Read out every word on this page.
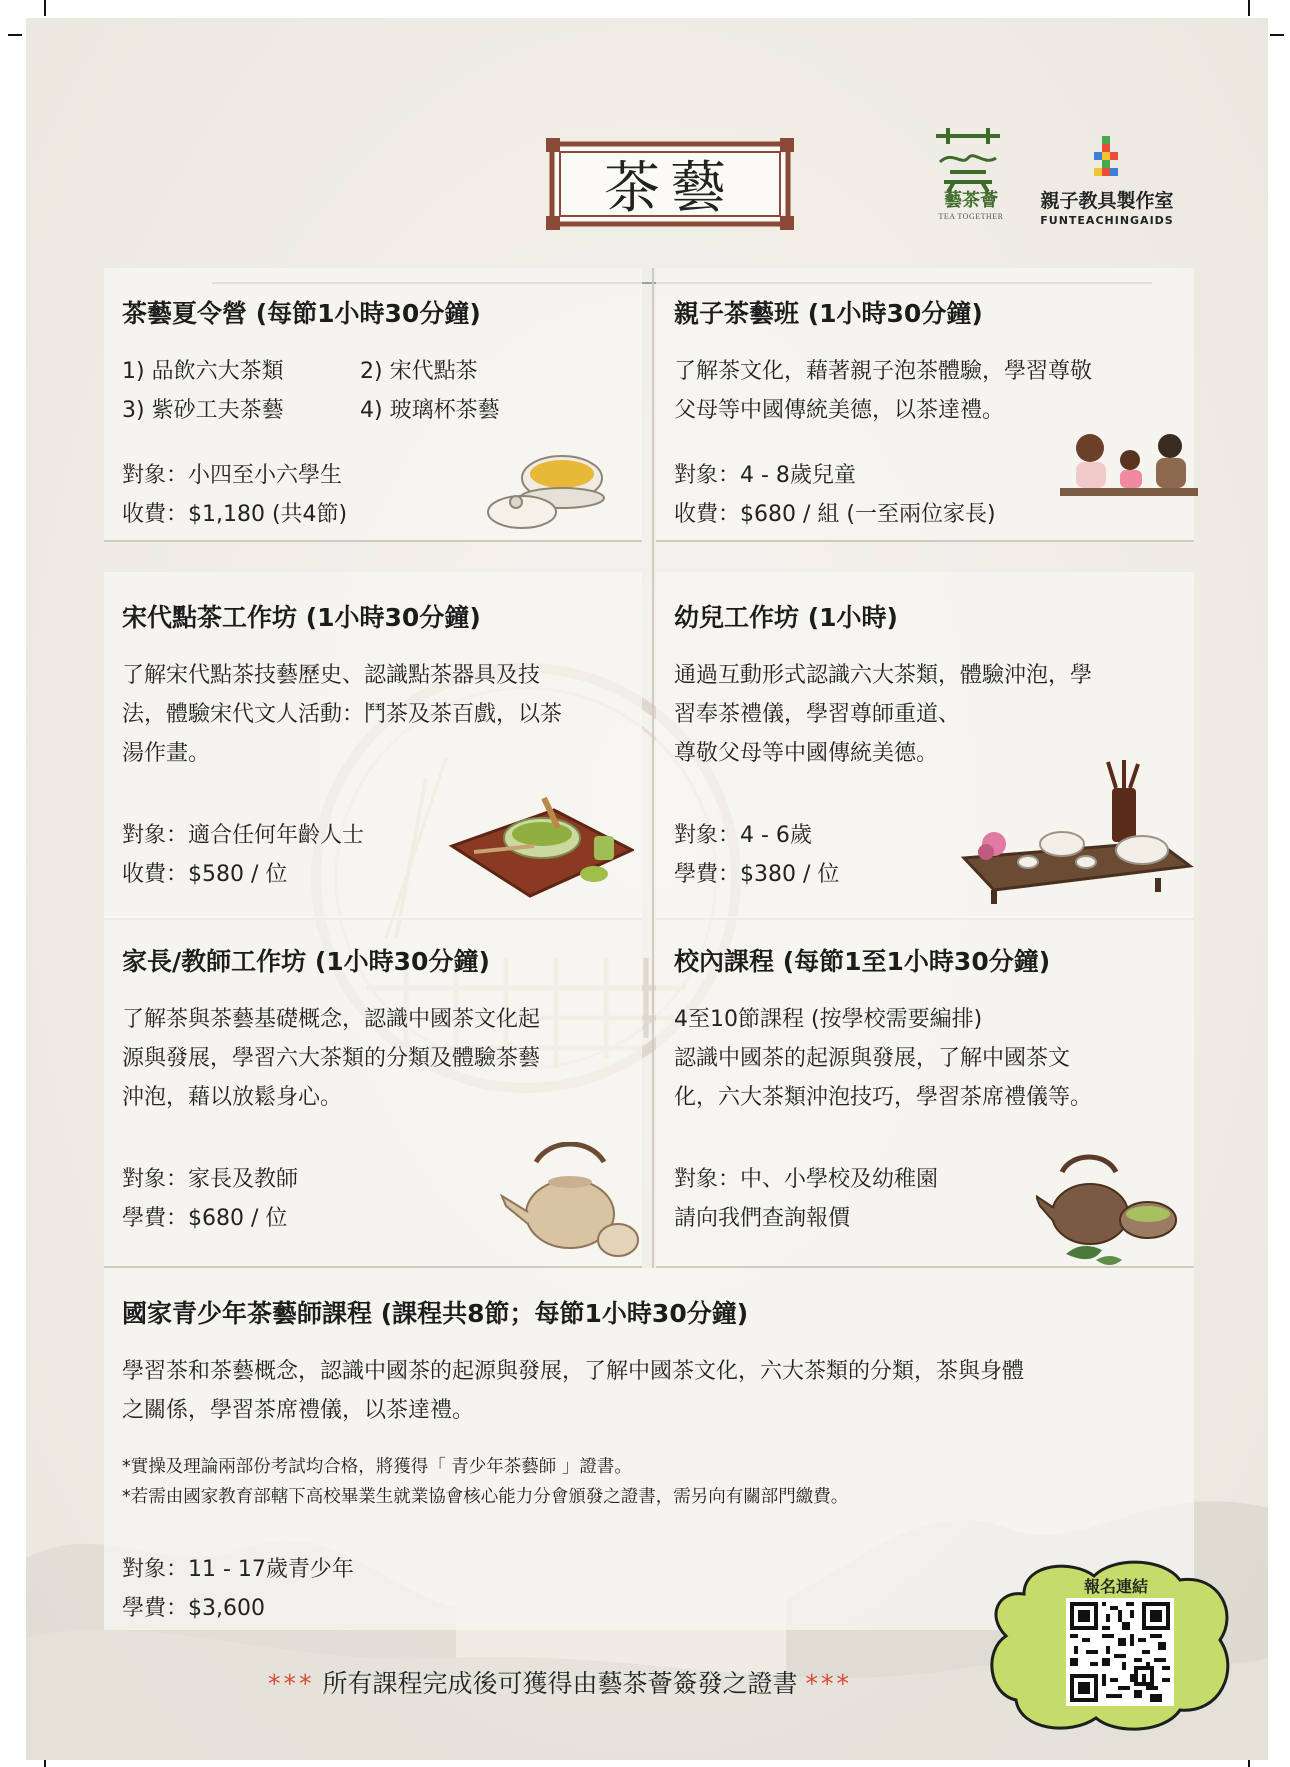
茶藝	藝茶薈
TEA TOGETHER
親子教具製作室
FUNTEACHINGAIDS
茶藝夏令營 (每節1小時30分鐘)
1) 品飲六大茶類	2) 宋代點茶
3) 紫砂工夫茶藝	4) 玻璃杯茶藝
對象：小四至小六學生
收費：$1,180 (共4節)
親子茶藝班 (1小時30分鐘)
了解茶文化，藉著親子泡茶體驗，學習尊敬
父母等中國傳統美德，以茶達禮。
對象：4 - 8歲兒童
收費：$680 / 組 (一至兩位家長)
宋代點茶工作坊 (1小時30分鐘)
了解宋代點茶技藝歷史、認識點茶器具及技
法，體驗宋代文人活動：鬥茶及茶百戲，以茶
湯作畫。
對象：適合任何年齡人士
收費：$580 / 位
幼兒工作坊 (1小時)
通過互動形式認識六大茶類，體驗沖泡，學
習奉茶禮儀，學習尊師重道、
尊敬父母等中國傳統美德。
對象：4 - 6歲
學費：$380 / 位
家長/教師工作坊 (1小時30分鐘)
了解茶與茶藝基礎概念，認識中國茶文化起
源與發展，學習六大茶類的分類及體驗茶藝
沖泡，藉以放鬆身心。
對象：家長及教師
學費：$680 / 位
校內課程 (每節1至1小時30分鐘)
4至10節課程 (按學校需要編排)
認識中國茶的起源與發展，了解中國茶文
化，六大茶類沖泡技巧，學習茶席禮儀等。
對象：中、小學校及幼稚園
請向我們查詢報價
國家青少年茶藝師課程 (課程共8節；每節1小時30分鐘)
學習茶和茶藝概念，認識中國茶的起源與發展，了解中國茶文化，六大茶類的分類，茶與身體
之關係，學習茶席禮儀，以茶達禮。
*實操及理論兩部份考試均合格，將獲得「 青少年茶藝師 」證書。
*若需由國家教育部轄下高校畢業生就業協會核心能力分會頒發之證書，需另向有關部門繳費。
對象：11 - 17歲青少年
學費：$3,600
*** 所有課程完成後可獲得由藝茶薈簽發之證書 ***
報名連結
